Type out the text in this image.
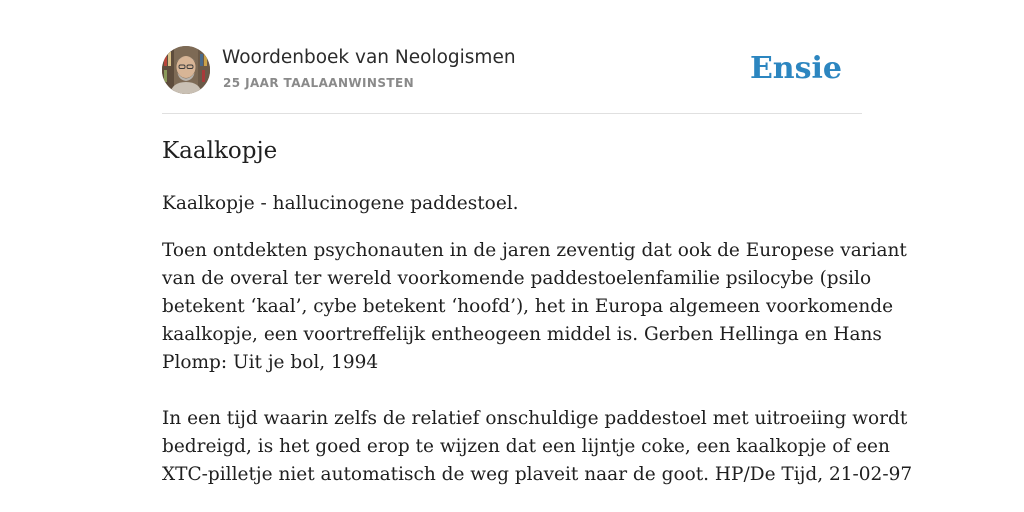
Woordenboek van Neologismen
25 JAAR TAALAANWINSTEN	Ensie
Kaalkopje
Kaalkopje - hallucinogene paddestoel.

Toen ontdekten psychonauten in de jaren zeventig dat ook de Europese variant
van de overal ter wereld voorkomende paddestoelenfamilie psilocybe (psilo
betekent ‘kaal’, cybe betekent ‘hoofd’), het in Europa algemeen voorkomende
kaalkopje, een voortreffelijk entheogeen middel is. Gerben Hellinga en Hans
Plomp: Uit je bol, 1994

In een tijd waarin zelfs de relatief onschuldige paddestoel met uitroeiing wordt
bedreigd, is het goed erop te wijzen dat een lijntje coke, een kaalkopje of een
XTC-pilletje niet automatisch de weg plaveit naar de goot. HP/De Tijd, 21-02-97
